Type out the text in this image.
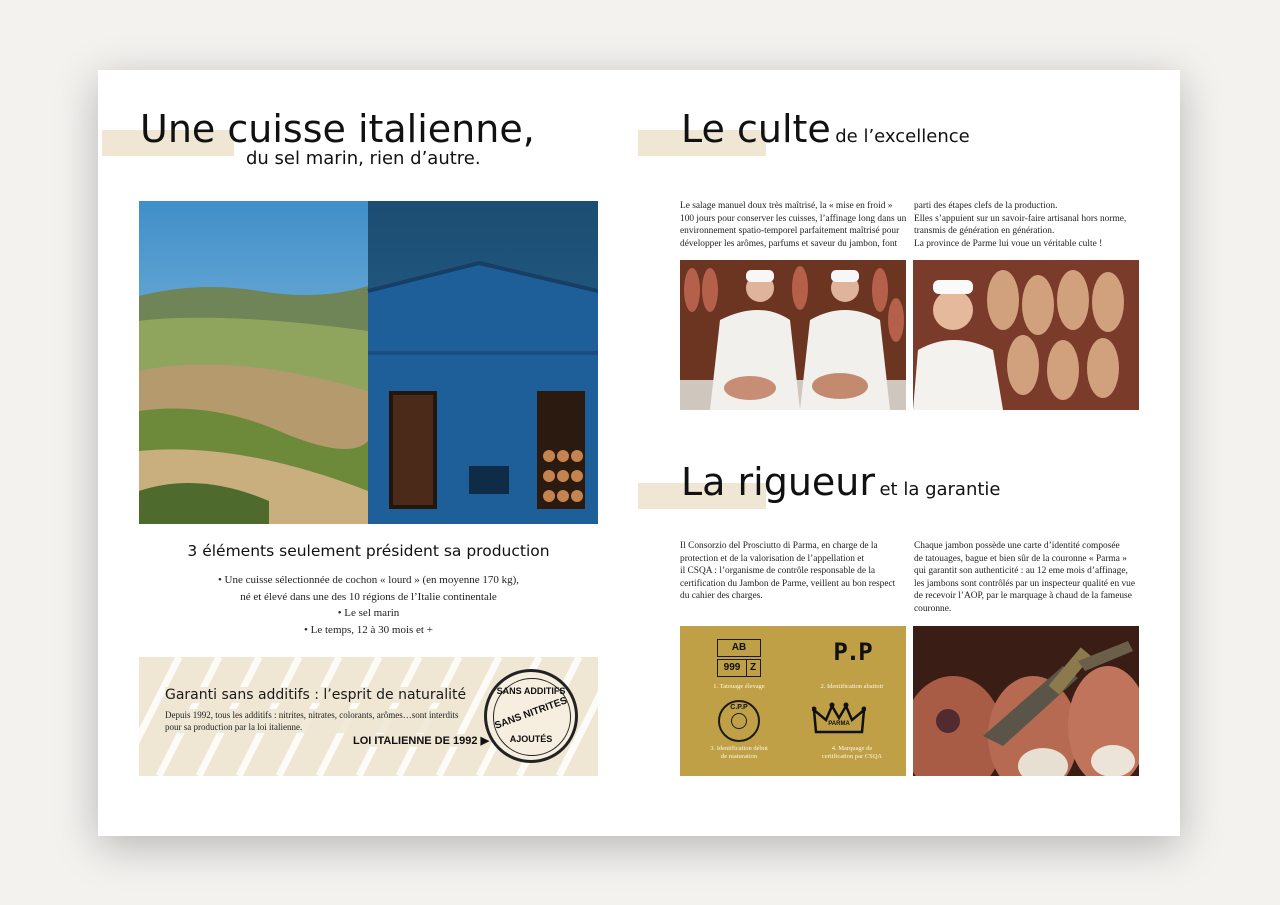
Une cuisse italienne,
du sel marin, rien d’autre.
3 éléments seulement président sa production
• Une cuisse sélectionnée de cochon « lourd » (en moyenne 170 kg),
né et élevé dans une des 10 régions de l’Italie continentale
• Le sel marin
• Le temps, 12 à 30 mois et +
Garanti sans additifs : l’esprit de naturalité
Depuis 1992, tous les additifs : nitrites, nitrates, colorants, arômes…sont interdits
pour sa production par la loi italienne.
LOI ITALIENNE DE 1992 ▶
SANS ADDITIFS
SANS NITRITES
AJOUTÉS
Le culte de l’excellence
Le salage manuel doux très maîtrisé, la « mise en froid »
100 jours pour conserver les cuisses, l’affinage long dans un
environnement spatio-temporel parfaitement maîtrisé pour
développer les arômes, parfums et saveur du jambon, font
parti des étapes clefs de la production.
Elles s’appuient sur un savoir-faire artisanal hors norme,
transmis de génération en génération.
La province de Parme lui voue un véritable culte !
La rigueur et la garantie
Il Consorzio del Prosciutto di Parma, en charge de la
protection et de la valorisation de l’appellation et
il CSQA : l’organisme de contrôle responsable de la
certification du Jambon de Parme, veillent au bon respect
du cahier des charges.
Chaque jambon possède une carte d’identité composée
de tatouages, bague et bien sûr de la couronne « Parma »
qui garantit son authenticité : au 12 eme mois d’affinage,
les jambons sont contrôlés par un inspecteur qualité en vue
de recevoir l’AOP, par le marquage à chaud de la fameuse
couronne.
AB
999 Z
1. Tatouage élevage
P.P
2. Identification abattoir
C.P.P
3. Identification début
de maturation
PARMA
4. Marquage de
certification par CSQA
